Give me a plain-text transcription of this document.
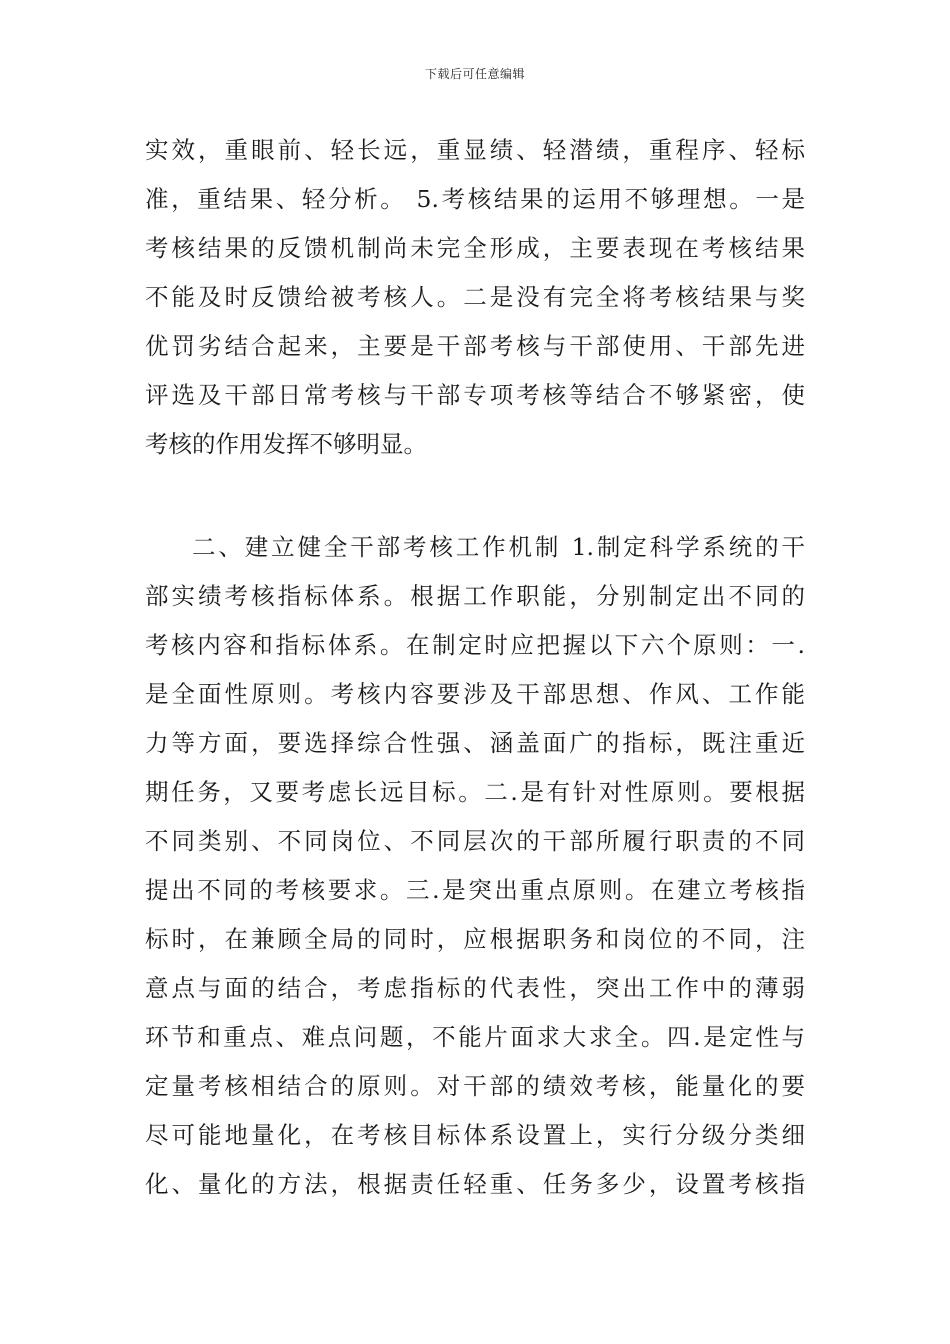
下载后可任意编辑
实效，重眼前、轻长远，重显绩、轻潜绩，重程序、轻标
准，重结果、轻分析。 5.考核结果的运用不够理想。一是
考核结果的反馈机制尚未完全形成，主要表现在考核结果
不能及时反馈给被考核人。二是没有完全将考核结果与奖
优罚劣结合起来，主要是干部考核与干部使用、干部先进
评选及干部日常考核与干部专项考核等结合不够紧密，使
考核的作用发挥不够明显。
二、建立健全干部考核工作机制 1.制定科学系统的干
部实绩考核指标体系。根据工作职能，分别制定出不同的
考核内容和指标体系。在制定时应把握以下六个原则：一.
是全面性原则。考核内容要涉及干部思想、作风、工作能
力等方面，要选择综合性强、涵盖面广的指标，既注重近
期任务，又要考虑长远目标。二.是有针对性原则。要根据
不同类别、不同岗位、不同层次的干部所履行职责的不同
提出不同的考核要求。三.是突出重点原则。在建立考核指
标时，在兼顾全局的同时，应根据职务和岗位的不同，注
意点与面的结合，考虑指标的代表性，突出工作中的薄弱
环节和重点、难点问题，不能片面求大求全。四.是定性与
定量考核相结合的原则。对干部的绩效考核，能量化的要
尽可能地量化，在考核目标体系设置上，实行分级分类细
化、量化的方法，根据责任轻重、任务多少，设置考核指
